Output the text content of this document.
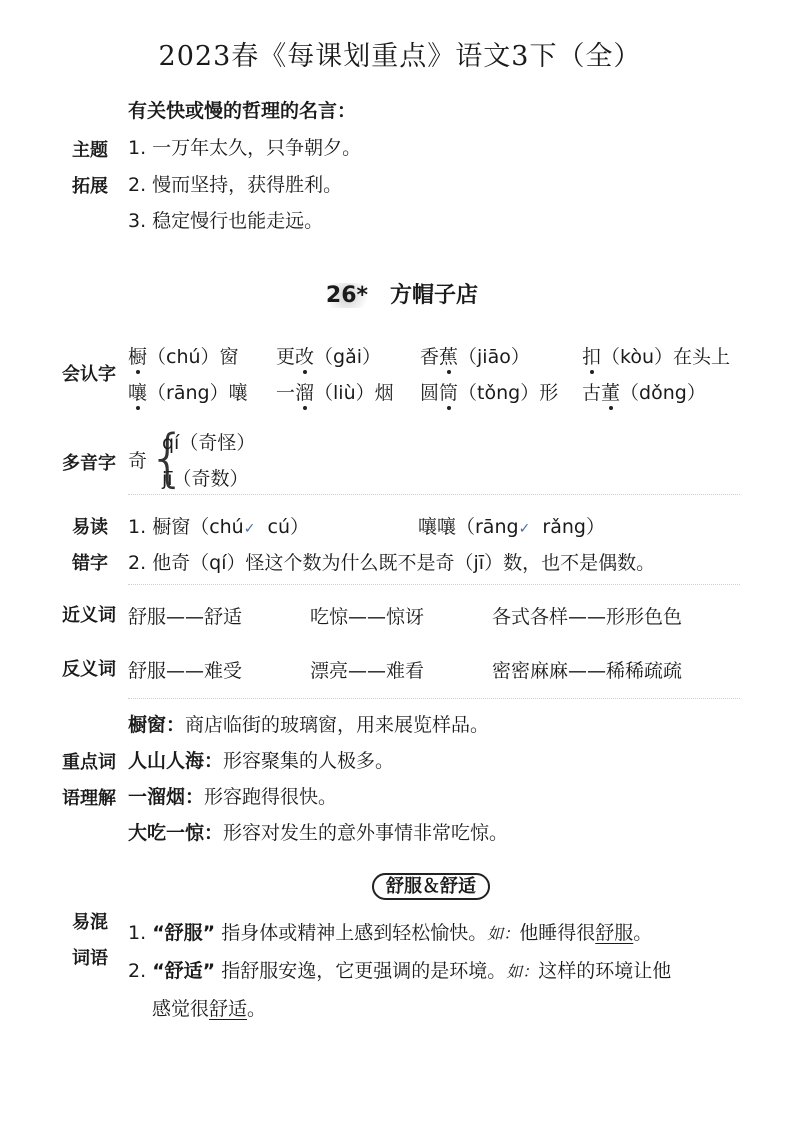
2023春《每课划重点》语文3下（全）
主题
拓展
有关快或慢的哲理的名言：
1. 一万年太久，只争朝夕。
2. 慢而坚持，获得胜利。
3. 稳定慢行也能走远。
26* 方帽子店
会认字
橱（chú）窗 更改（gǎi） 香蕉（jiāo）	扣（kòu）在头上
嚷（rāng）嚷 一溜（liù）烟 圆筒（tǒng）形 古董（dǒng）
多音字 奇 {
qí（奇怪）
jī（奇数）
易读
错字
1. 橱窗（chú✓ cú）	嚷嚷（rāng✓ rǎng）
2. 他奇（qí）怪这个数为什么既不是奇（jī）数，也不是偶数。
近义词 舒服——舒适	吃惊——惊讶	各式各样——形形色色
反义词 舒服——难受	漂亮——难看	密密麻麻——稀稀疏疏
重点词
语理解
橱窗：商店临街的玻璃窗，用来展览样品。
人山人海：形容聚集的人极多。
一溜烟：形容跑得很快。
大吃一惊：形容对发生的意外事情非常吃惊。
舒服＆舒适
易混
词语
1. “舒服” 指身体或精神上感到轻松愉快。如：他睡得很舒服。
2. “舒适” 指舒服安逸，它更强调的是环境。如：这样的环境让他
感觉很舒适。
